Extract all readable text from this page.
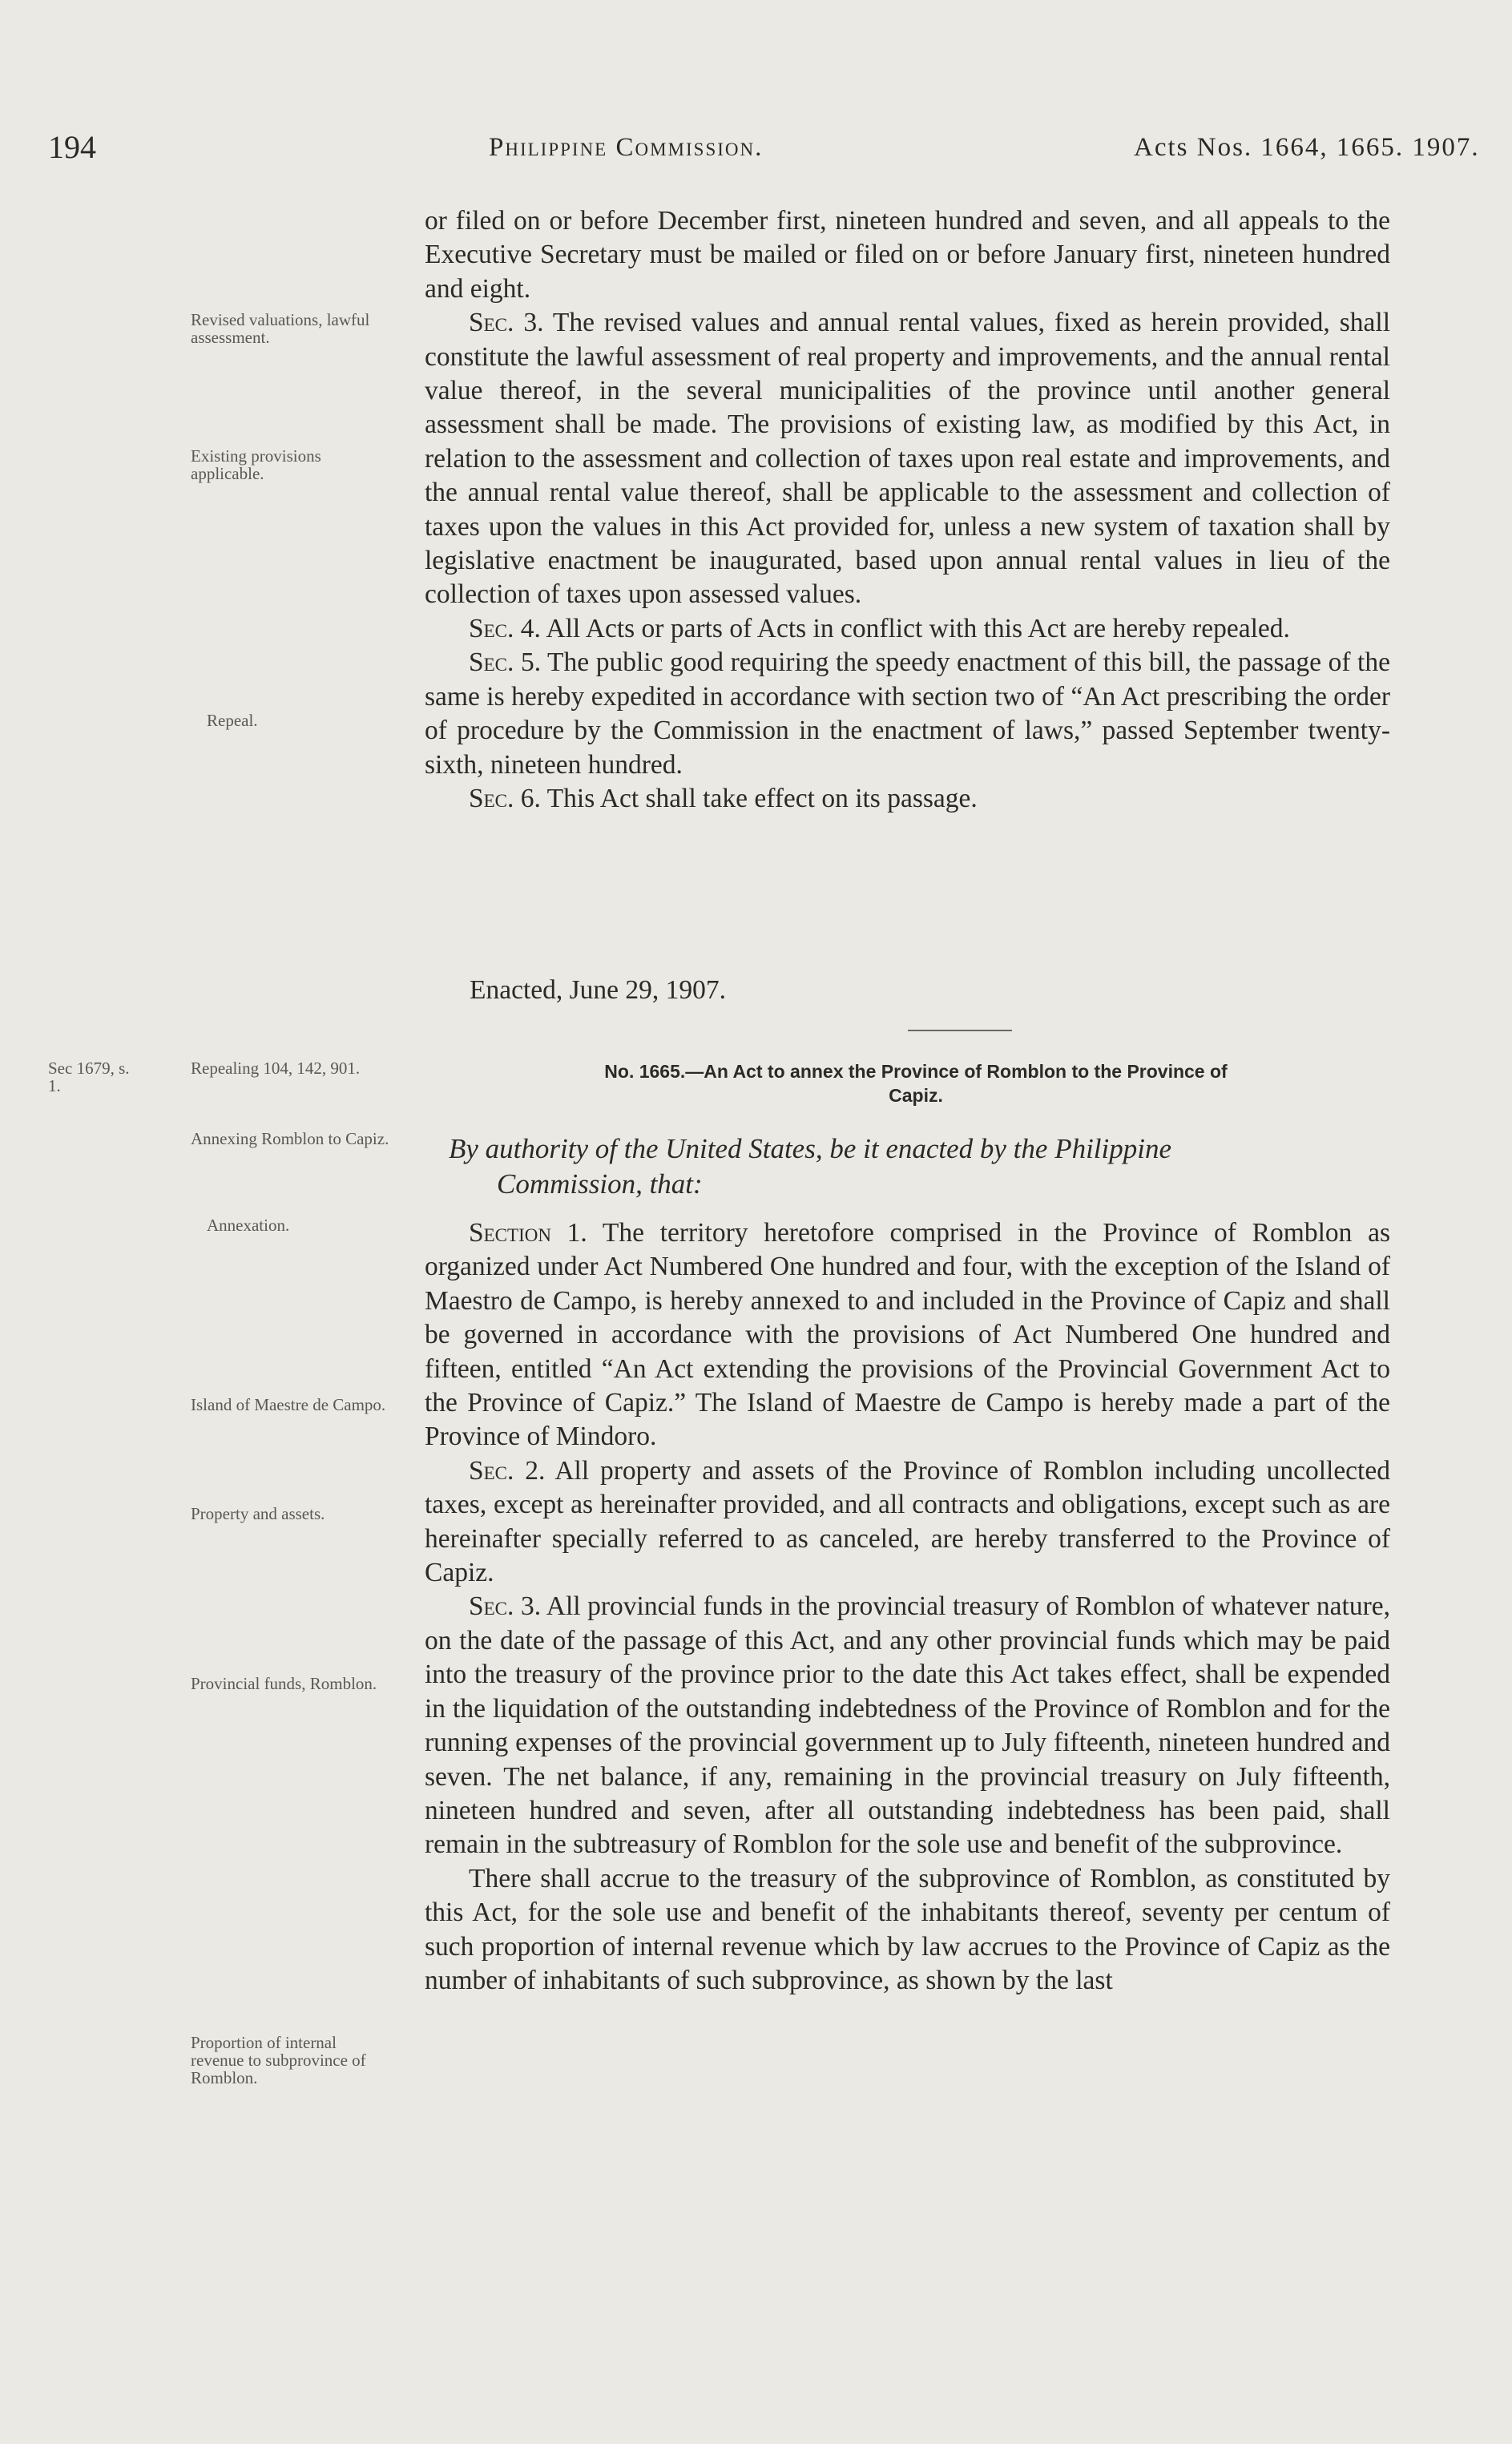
194	Philippine Commission.	Acts Nos. 1664, 1665. 1907.

or filed on or before December first, nineteen hundred and seven, and all appeals to the Executive Secretary must be mailed or filed on or before January first, nineteen hundred and eight.

Sec. 3. The revised values and annual rental values, fixed as herein provided, shall constitute the lawful assessment of real property and improvements, and the annual rental value thereof, in the several municipalities of the province until another general assessment shall be made. The provisions of existing law, as modified by this Act, in relation to the assessment and collection of taxes upon real estate and improvements, and the annual rental value thereof, shall be applicable to the assessment and collection of taxes upon the values in this Act provided for, unless a new system of taxation shall by legislative enactment be inaugurated, based upon annual rental values in lieu of the collection of taxes upon assessed values.

Sec. 4. All Acts or parts of Acts in conflict with this Act are hereby repealed.

Sec. 5. The public good requiring the speedy enactment of this bill, the passage of the same is hereby expedited in accordance with section two of “An Act prescribing the order of procedure by the Commission in the enactment of laws,” passed September twenty-sixth, nineteen hundred.

Sec. 6. This Act shall take effect on its passage.

Enacted, June 29, 1907.
No. 1665.—An Act to annex the Province of Romblon to the Province of
Capiz.
By authority of the United States, be it enacted by the Philippine
Commission, that:

Section 1. The territory heretofore comprised in the Province of Romblon as organized under Act Numbered One hundred and four, with the exception of the Island of Maestro de Campo, is hereby annexed to and included in the Province of Capiz and shall be governed in accordance with the provisions of Act Numbered One hundred and fifteen, entitled “An Act extending the provisions of the Provincial Government Act to the Province of Capiz.” The Island of Maestre de Campo is hereby made a part of the Province of Mindoro.

Sec. 2. All property and assets of the Province of Romblon including uncollected taxes, except as hereinafter provided, and all contracts and obligations, except such as are hereinafter specially referred to as canceled, are hereby transferred to the Province of Capiz.

Sec. 3. All provincial funds in the provincial treasury of Romblon of whatever nature, on the date of the passage of this Act, and any other provincial funds which may be paid into the treasury of the province prior to the date this Act takes effect, shall be expended in the liquidation of the outstanding indebtedness of the Province of Romblon and for the running expenses of the provincial government up to July fifteenth, nineteen hundred and seven. The net balance, if any, remaining in the provincial treasury on July fifteenth, nineteen hundred and seven, after all outstanding indebtedness has been paid, shall remain in the subtreasury of Romblon for the sole use and benefit of the subprovince.

There shall accrue to the treasury of the subprovince of Romblon, as constituted by this Act, for the sole use and benefit of the inhabitants thereof, seventy per centum of such proportion of internal revenue which by law accrues to the Province of Capiz as the number of inhabitants of such subprovince, as shown by the last

Revised valuations, lawful assessment.
Existing provisions applicable.
Repeal.
Sec 1679, s. 1.
Repealing 104, 142, 901.
Annexing Romblon to Capiz.
Annexation.
Island of Maestre de Campo.
Property and assets.
Provincial funds, Romblon.
Proportion of internal revenue to subprovince of Romblon.
